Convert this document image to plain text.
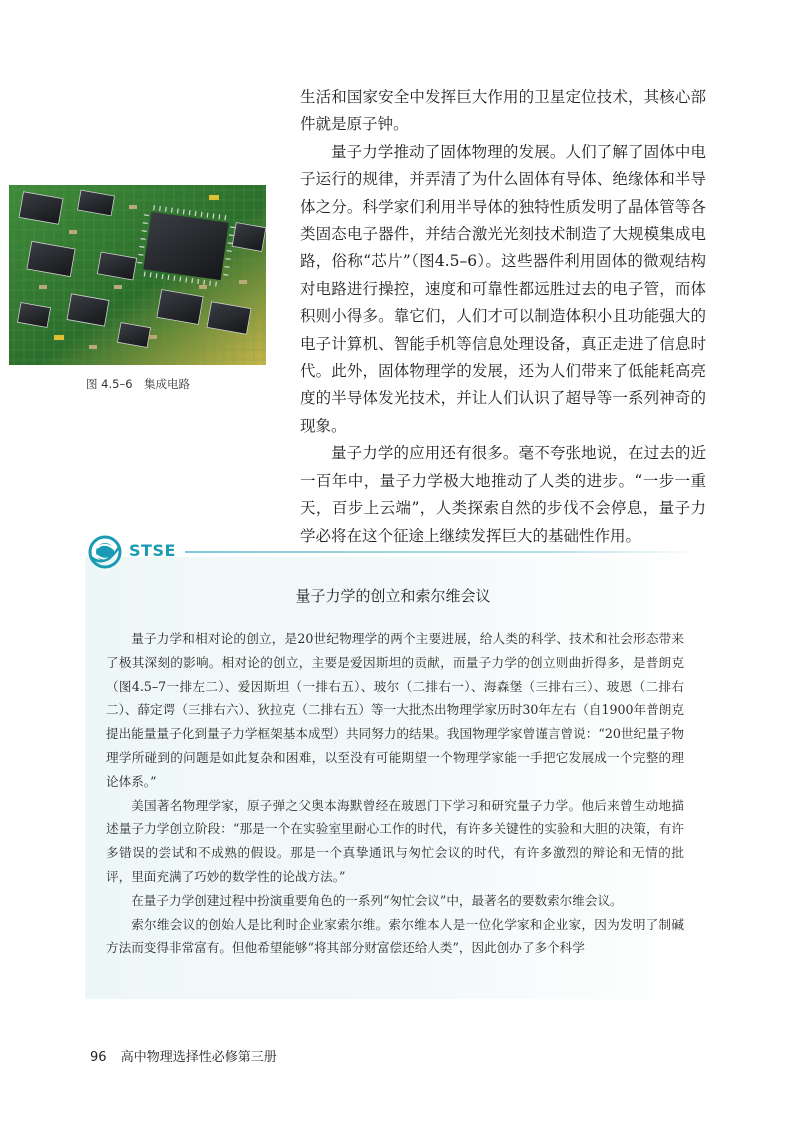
生活和国家安全中发挥巨大作用的卫星定位技术，其核心部件就是原子钟。

量子力学推动了固体物理的发展。人们了解了固体中电子运行的规律，并弄清了为什么固体有导体、绝缘体和半导体之分。科学家们利用半导体的独特性质发明了晶体管等各类固态电子器件，并结合激光光刻技术制造了大规模集成电路，俗称“芯片”（图4.5–6）。这些器件利用固体的微观结构对电路进行操控，速度和可靠性都远胜过去的电子管，而体积则小得多。靠它们，人们才可以制造体积小且功能强大的电子计算机、智能手机等信息处理设备，真正走进了信息时代。此外，固体物理学的发展，还为人们带来了低能耗高亮度的半导体发光技术，并让人们认识了超导等一系列神奇的现象。

量子力学的应用还有很多。毫不夸张地说，在过去的近一百年中，量子力学极大地推动了人类的进步。“一步一重天，百步上云端”，人类探索自然的步伐不会停息，量子力学必将在这个征途上继续发挥巨大的基础性作用。

图 4.5–6　集成电路
STSE
量子力学的创立和索尔维会议

量子力学和相对论的创立，是20世纪物理学的两个主要进展，给人类的科学、技术和社会形态带来了极其深刻的影响。相对论的创立，主要是爱因斯坦的贡献，而量子力学的创立则曲折得多，是普朗克（图4.5–7一排左二）、爱因斯坦（一排右五）、玻尔（二排右一）、海森堡（三排右三）、玻恩（二排右二）、薛定谔（三排右六）、狄拉克（二排右五）等一大批杰出物理学家历时30年左右（自1900年普朗克提出能量量子化到量子力学框架基本成型）共同努力的结果。我国物理学家曾谨言曾说：“20世纪量子物理学所碰到的问题是如此复杂和困难，以至没有可能期望一个物理学家能一手把它发展成一个完整的理论体系。”

美国著名物理学家，原子弹之父奥本海默曾经在玻恩门下学习和研究量子力学。他后来曾生动地描述量子力学创立阶段：“那是一个在实验室里耐心工作的时代，有许多关键性的实验和大胆的决策，有许多错误的尝试和不成熟的假设。那是一个真挚通讯与匆忙会议的时代，有许多激烈的辩论和无情的批评，里面充满了巧妙的数学性的论战方法。”

在量子力学创建过程中扮演重要角色的一系列“匆忙会议”中，最著名的要数索尔维会议。

索尔维会议的创始人是比利时企业家索尔维。索尔维本人是一位化学家和企业家，因为发明了制碱方法而变得非常富有。但他希望能够“将其部分财富偿还给人类”，因此创办了多个科学

96 高中物理选择性必修第三册
